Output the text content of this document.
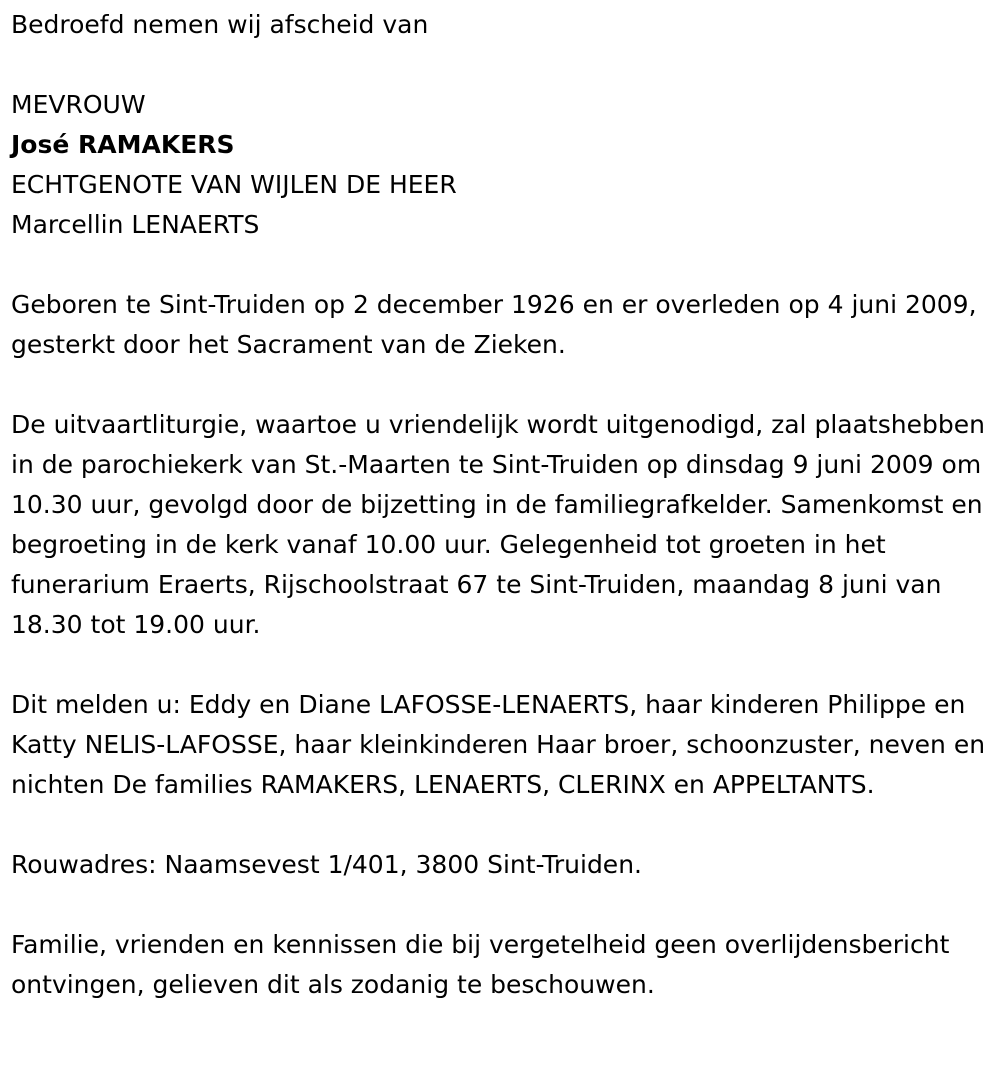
Bedroefd nemen wij afscheid van

MEVROUW

José RAMAKERS

ECHTGENOTE VAN WIJLEN DE HEER

Marcellin LENAERTS

Geboren te Sint-Truiden op 2 december 1926 en er overleden op 4 juni 2009, gesterkt door het Sacrament van de Zieken.

De uitvaartliturgie, waartoe u vriendelijk wordt uitgenodigd, zal plaatshebben in de parochiekerk van St.-Maarten te Sint-Truiden op dinsdag 9 juni 2009 om 10.30 uur, gevolgd door de bijzetting in de familiegrafkelder. Samenkomst en begroeting in de kerk vanaf 10.00 uur. Gelegenheid tot groeten in het funerarium Eraerts, Rijschoolstraat 67 te Sint-Truiden, maandag 8 juni van 18.30 tot 19.00 uur.

Dit melden u: Eddy en Diane LAFOSSE-LENAERTS, haar kinderen Philippe en Katty NELIS-LAFOSSE, haar kleinkinderen Haar broer, schoonzuster, neven en nichten De families RAMAKERS, LENAERTS, CLERINX en APPELTANTS.

Rouwadres: Naamsevest 1/401, 3800 Sint-Truiden.

Familie, vrienden en kennissen die bij vergetelheid geen overlijdensbericht ontvingen, gelieven dit als zodanig te beschouwen.
